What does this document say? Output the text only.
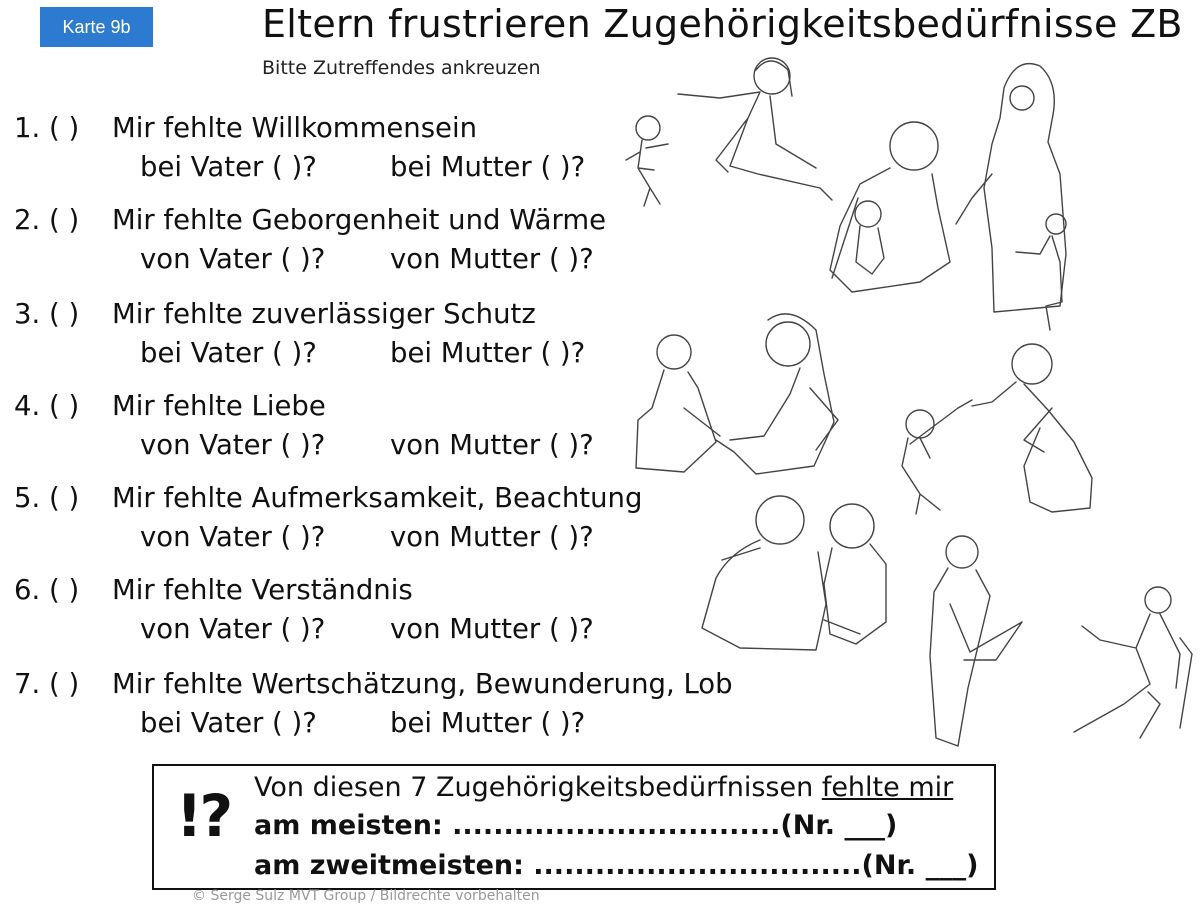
Karte 9b	Eltern frustrieren Zugehörigkeitsbedürfnisse ZB
Bitte Zutreffendes ankreuzen
1. ( )	Mir fehlte Willkommensein
bei Vater ( )?	bei Mutter ( )?
2. ( )	Mir fehlte Geborgenheit und Wärme
von Vater ( )?	von Mutter ( )?
3. ( )	Mir fehlte zuverlässiger Schutz
bei Vater ( )?	bei Mutter ( )?
4. ( )	Mir fehlte Liebe
von Vater ( )?	von Mutter ( )?
5. ( )	Mir fehlte Aufmerksamkeit, Beachtung
von Vater ( )?	von Mutter ( )?
6. ( )	Mir fehlte Verständnis
von Vater ( )?	von Mutter ( )?
7. ( )	Mir fehlte Wertschätzung, Bewunderung, Lob
bei Vater ( )?	bei Mutter ( )?
!? Von diesen 7 Zugehörigkeitsbedürfnissen fehlte mir
am meisten: ................................(Nr. ___)
am zweitmeisten: ................................(Nr. ___)
© Serge Sulz MVT Group / Bildrechte vorbehalten
